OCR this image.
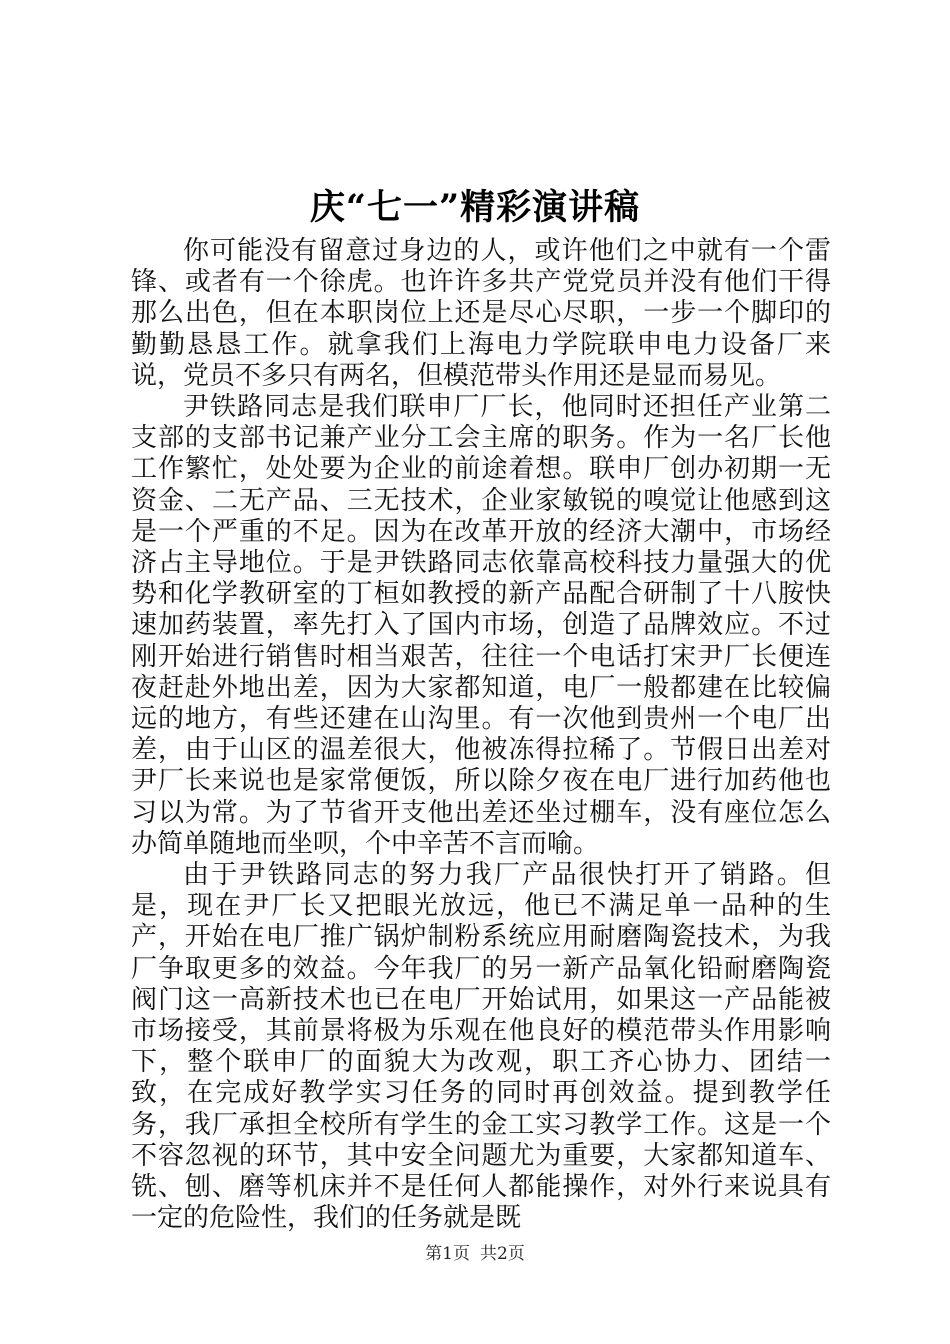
庆“七一”精彩演讲稿

你可能没有留意过身边的人，或许他们之中就有一个雷锋、或者有一个徐虎。也许许多共产党党员并没有他们干得那么出色，但在本职岗位上还是尽心尽职，一步一个脚印的勤勤恳恳工作。就拿我们上海电力学院联申电力设备厂来说，党员不多只有两名，但模范带头作用还是显而易见。

尹铁路同志是我们联申厂厂长，他同时还担任产业第二支部的支部书记兼产业分工会主席的职务。作为一名厂长他工作繁忙，处处要为企业的前途着想。联申厂创办初期一无资金、二无产品、三无技术，企业家敏锐的嗅觉让他感到这是一个严重的不足。因为在改革开放的经济大潮中，市场经济占主导地位。于是尹铁路同志依靠高校科技力量强大的优势和化学教研室的丁桓如教授的新产品配合研制了十八胺快速加药装置，率先打入了国内市场，创造了品牌效应。不过刚开始进行销售时相当艰苦，往往一个电话打宋尹厂长便连夜赶赴外地出差，因为大家都知道，电厂一般都建在比较偏远的地方，有些还建在山沟里。有一次他到贵州一个电厂出差，由于山区的温差很大，他被冻得拉稀了。节假日出差对尹厂长来说也是家常便饭，所以除夕夜在电厂进行加药他也习以为常。为了节省开支他出差还坐过棚车，没有座位怎么办简单随地而坐呗，个中辛苦不言而喻。

由于尹铁路同志的努力我厂产品很快打开了销路。但是，现在尹厂长又把眼光放远，他已不满足单一品种的生产，开始在电厂推广锅炉制粉系统应用耐磨陶瓷技术，为我厂争取更多的效益。今年我厂的另一新产品氧化铅耐磨陶瓷阀门这一高新技术也已在电厂开始试用，如果这一产品能被市场接受，其前景将极为乐观在他良好的模范带头作用影响下，整个联申厂的面貌大为改观，职工齐心协力、团结一致，在完成好教学实习任务的同时再创效益。提到教学任务，我厂承担全校所有学生的金工实习教学工作。这是一个不容忽视的环节，其中安全问题尤为重要，大家都知道车、铣、刨、磨等机床并不是任何人都能操作，对外行来说具有一定的危险性，我们的任务就是既

第1页 共2页
